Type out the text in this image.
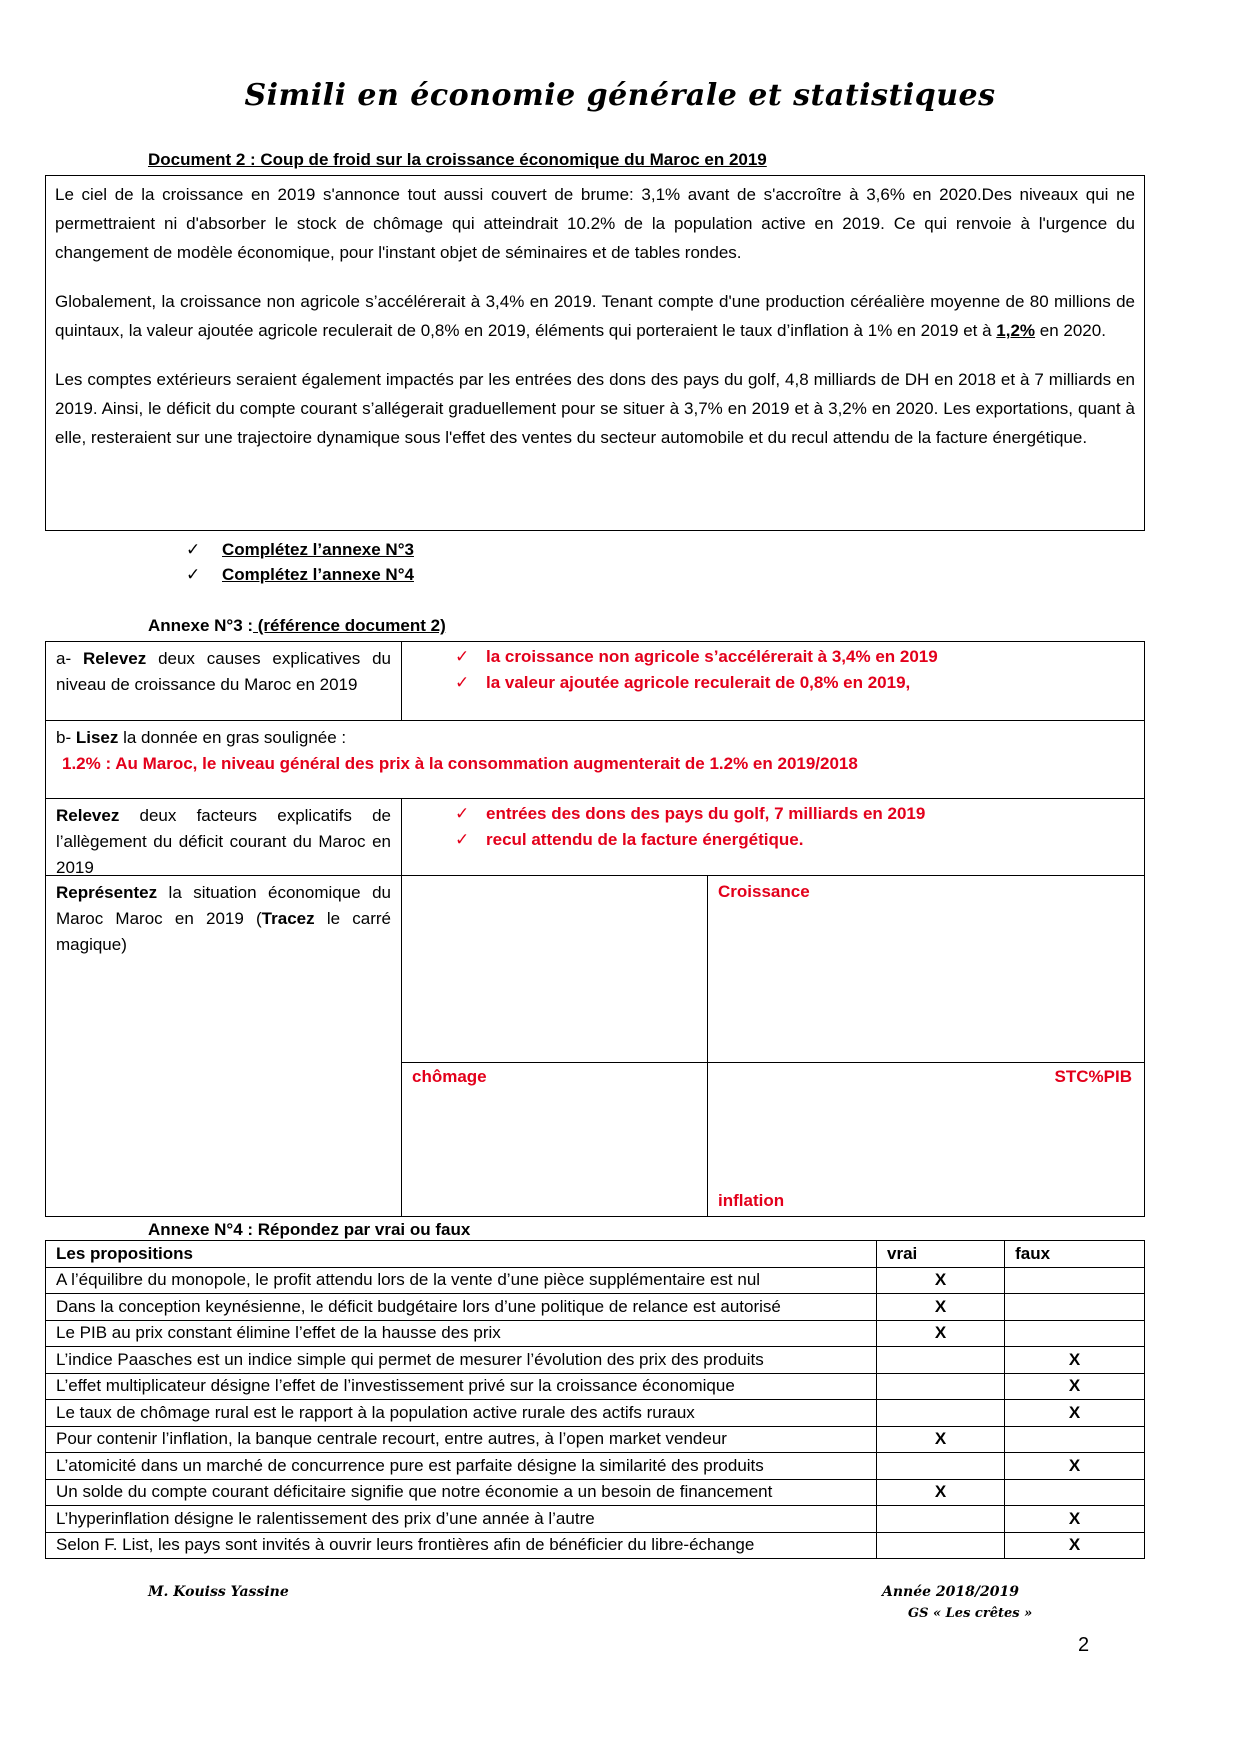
Simili en économie générale et statistiques
Document 2 : Coup de froid sur la croissance économique du Maroc en 2019

Le ciel de la croissance en 2019 s'annonce tout aussi couvert de brume: 3,1% avant de s'accroître à 3,6% en 2020.Des niveaux qui ne permettraient ni d'absorber le stock de chômage qui atteindrait 10.2% de la population active en 2019. Ce qui renvoie à l'urgence du changement de modèle économique, pour l'instant objet de séminaires et de tables rondes.

Globalement, la croissance non agricole s’accélérerait à 3,4% en 2019. Tenant compte d'une production céréalière moyenne de 80 millions de quintaux, la valeur ajoutée agricole reculerait de 0,8% en 2019, éléments qui porteraient le taux d’inflation à 1% en 2019 et à 1,2% en 2020.

Les comptes extérieurs seraient également impactés par les entrées des dons des pays du golf, 4,8 milliards de DH en 2018 et à 7 milliards en 2019. Ainsi, le déficit du compte courant s’allégerait graduellement pour se situer à 3,7% en 2019 et à 3,2% en 2020. Les exportations, quant à elle, resteraient sur une trajectoire dynamique sous l'effet des ventes du secteur automobile et du recul attendu de la facture énergétique.

✓ Complétez l’annexe N°3
✓ Complétez l’annexe N°4
Annexe N°3 : (référence document 2)
a- Relevez deux causes explicatives du niveau de croissance du Maroc en 2019
✓ la croissance non agricole s’accélérerait à 3,4% en 2019
✓ la valeur ajoutée agricole reculerait de 0,8% en 2019,
b- Lisez la donnée en gras soulignée :
1.2% : Au Maroc, le niveau général des prix à la consommation augmenterait de 1.2% en 2019/2018
Relevez deux facteurs explicatifs de l’allègement du déficit courant du Maroc en 2019
✓ entrées des dons des pays du golf, 7 milliards en 2019
✓ recul attendu de la facture énergétique.
Représentez la situation économique du Maroc Maroc en 2019 (Tracez le carré magique)
Croissance
chômage	STC%PIB
inflation
Annexe N°4 : Répondez par vrai ou faux
Les propositions	vrai	faux
A l’équilibre du monopole, le profit attendu lors de la vente d’une pièce supplémentaire est nul	X	
Dans la conception keynésienne, le déficit budgétaire lors d’une politique de relance est autorisé	X	
Le PIB au prix constant élimine l’effet de la hausse des prix	X	
L’indice Paasches est un indice simple qui permet de mesurer l’évolution des prix des produits		X
L’effet multiplicateur désigne l’effet de l’investissement privé sur la croissance économique		X
Le taux de chômage rural est le rapport à la population active rurale des actifs ruraux		X
Pour contenir l’inflation, la banque centrale recourt, entre autres, à l’open market vendeur	X	
L’atomicité dans un marché de concurrence pure est parfaite désigne la similarité des produits		X
Un solde du compte courant déficitaire signifie que notre économie a un besoin de financement	X	
L’hyperinflation désigne le ralentissement des prix d’une année à l’autre		X
Selon F. List, les pays sont invités à ouvrir leurs frontières afin de bénéficier du libre-échange		X
M. Kouiss Yassine	Année 2018/2019
GS « Les crêtes »
2
